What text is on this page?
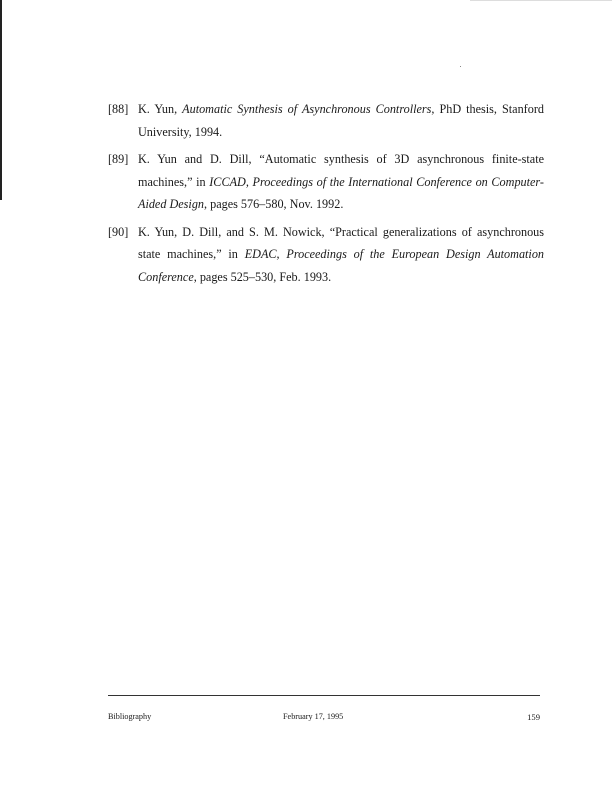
[88] K. Yun, Automatic Synthesis of Asynchronous Controllers, PhD thesis, Stanford University, 1994.
[89] K. Yun and D. Dill, “Automatic synthesis of 3D asynchronous finite-state machines,” in ICCAD, Proceedings of the International Conference on Computer-Aided Design, pages 576–580, Nov. 1992.
[90] K. Yun, D. Dill, and S. M. Nowick, “Practical generalizations of asynchronous state machines,” in EDAC, Proceedings of the European Design Automation Conference, pages 525–530, Feb. 1993.
Bibliography	February 17, 1995	159
